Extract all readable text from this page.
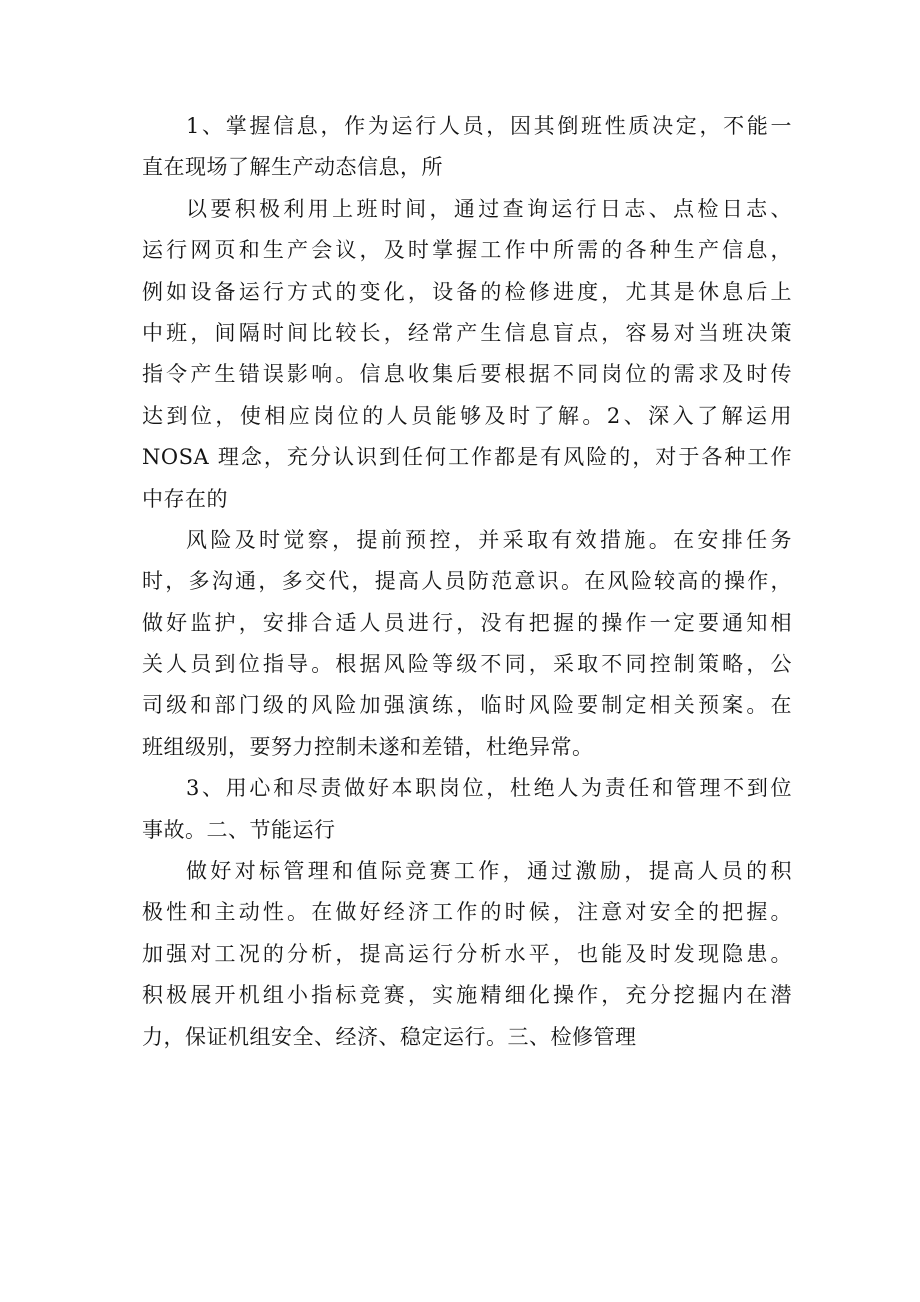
1、掌握信息，作为运行人员，因其倒班性质决定，不能一
直在现场了解生产动态信息，所
以要积极利用上班时间，通过查询运行日志、点检日志、
运行网页和生产会议，及时掌握工作中所需的各种生产信息，
例如设备运行方式的变化，设备的检修进度，尤其是休息后上
中班，间隔时间比较长，经常产生信息盲点，容易对当班决策
指令产生错误影响。信息收集后要根据不同岗位的需求及时传
达到位，使相应岗位的人员能够及时了解。2、深入了解运用
NOSA 理念，充分认识到任何工作都是有风险的，对于各种工作
中存在的
风险及时觉察，提前预控，并采取有效措施。在安排任务
时，多沟通，多交代，提高人员防范意识。在风险较高的操作，
做好监护，安排合适人员进行，没有把握的操作一定要通知相
关人员到位指导。根据风险等级不同，采取不同控制策略，公
司级和部门级的风险加强演练，临时风险要制定相关预案。在
班组级别，要努力控制未遂和差错，杜绝异常。
3、用心和尽责做好本职岗位，杜绝人为责任和管理不到位
事故。二、节能运行
做好对标管理和值际竞赛工作，通过激励，提高人员的积
极性和主动性。在做好经济工作的时候，注意对安全的把握。
加强对工况的分析，提高运行分析水平，也能及时发现隐患。
积极展开机组小指标竞赛，实施精细化操作，充分挖掘内在潜
力，保证机组安全、经济、稳定运行。三、检修管理
